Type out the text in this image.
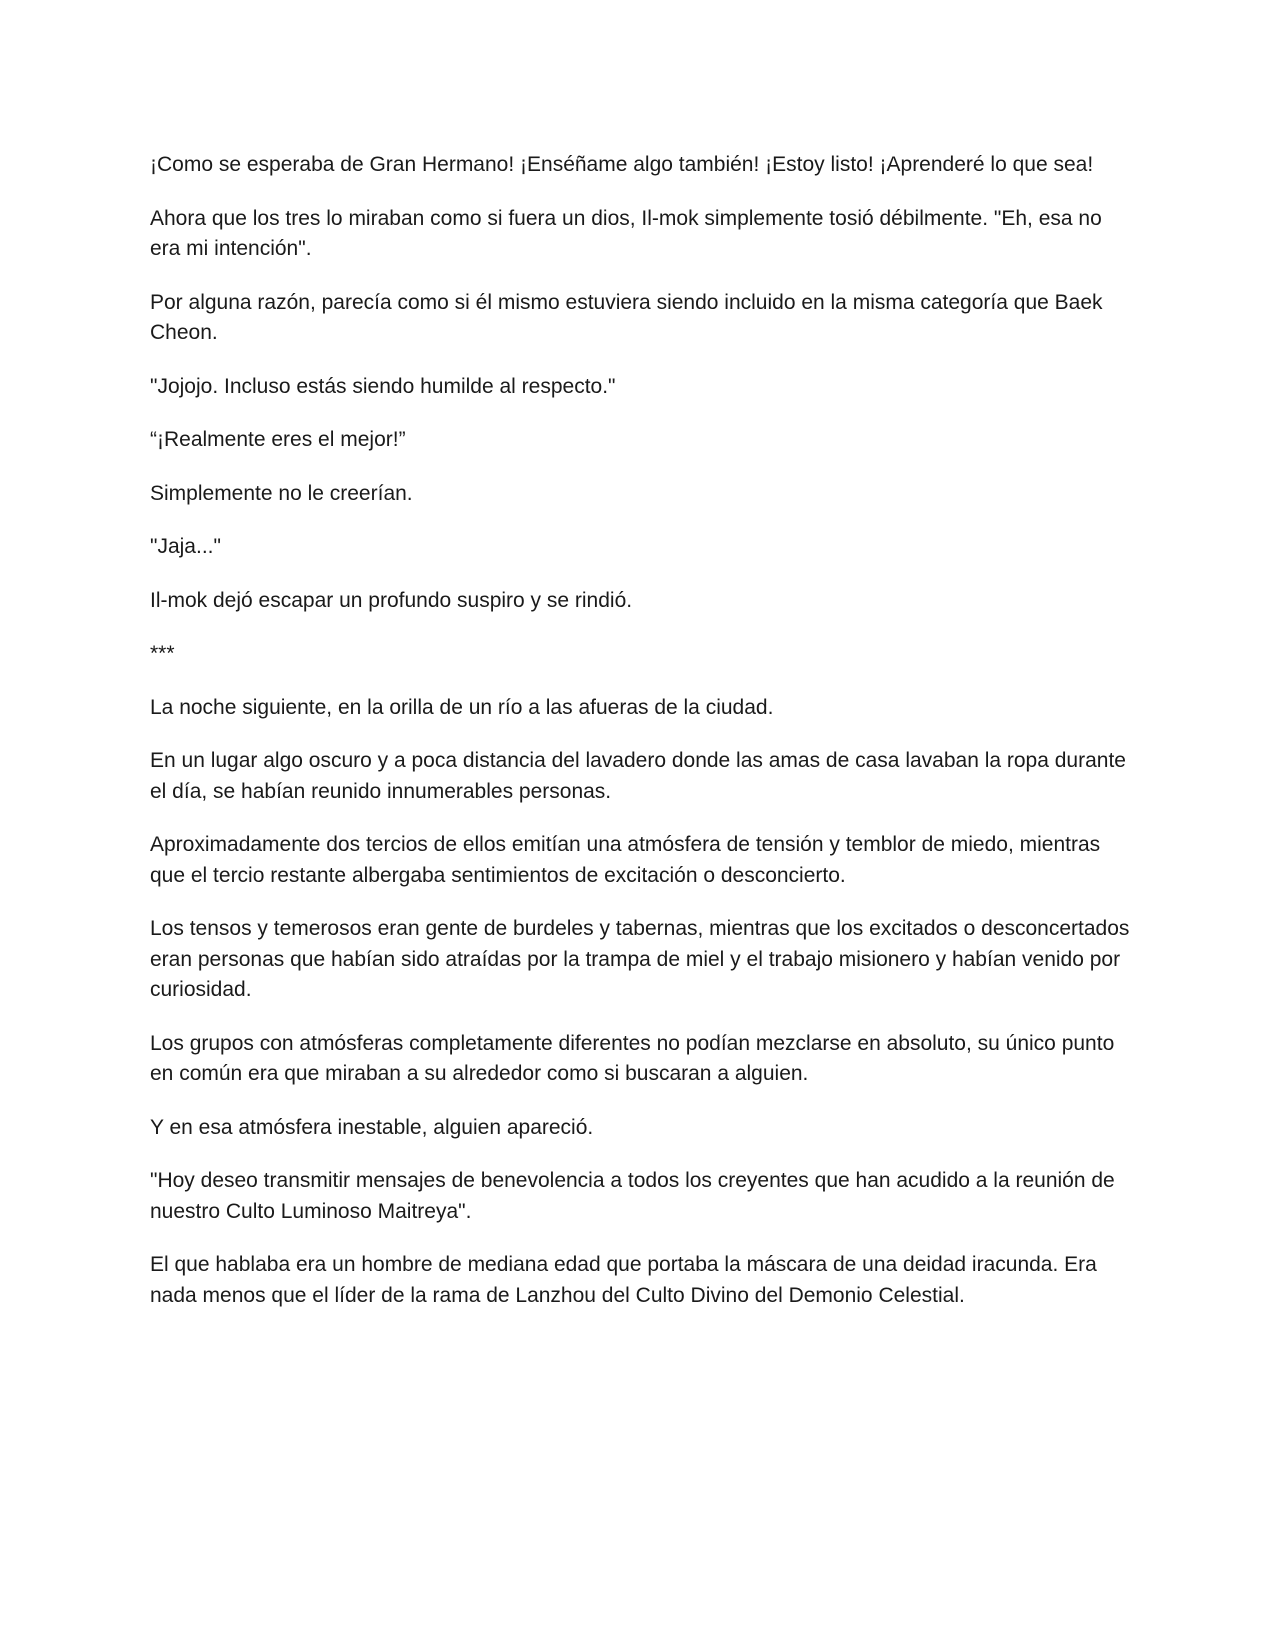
¡Como se esperaba de Gran Hermano! ¡Enséñame algo también! ¡Estoy listo! ¡Aprenderé lo que sea!

Ahora que los tres lo miraban como si fuera un dios, Il-mok simplemente tosió débilmente. "Eh, esa no era mi intención".

Por alguna razón, parecía como si él mismo estuviera siendo incluido en la misma categoría que Baek Cheon.

"Jojojo. Incluso estás siendo humilde al respecto."

“¡Realmente eres el mejor!”

Simplemente no le creerían.

"Jaja..."

Il-mok dejó escapar un profundo suspiro y se rindió.

***

La noche siguiente, en la orilla de un río a las afueras de la ciudad.

En un lugar algo oscuro y a poca distancia del lavadero donde las amas de casa lavaban la ropa durante el día, se habían reunido innumerables personas.

Aproximadamente dos tercios de ellos emitían una atmósfera de tensión y temblor de miedo, mientras que el tercio restante albergaba sentimientos de excitación o desconcierto.

Los tensos y temerosos eran gente de burdeles y tabernas, mientras que los excitados o desconcertados eran personas que habían sido atraídas por la trampa de miel y el trabajo misionero y habían venido por curiosidad.

Los grupos con atmósferas completamente diferentes no podían mezclarse en absoluto, su único punto en común era que miraban a su alrededor como si buscaran a alguien.

Y en esa atmósfera inestable, alguien apareció.

"Hoy deseo transmitir mensajes de benevolencia a todos los creyentes que han acudido a la reunión de nuestro Culto Luminoso Maitreya".

El que hablaba era un hombre de mediana edad que portaba la máscara de una deidad iracunda. Era nada menos que el líder de la rama de Lanzhou del Culto Divino del Demonio Celestial.
